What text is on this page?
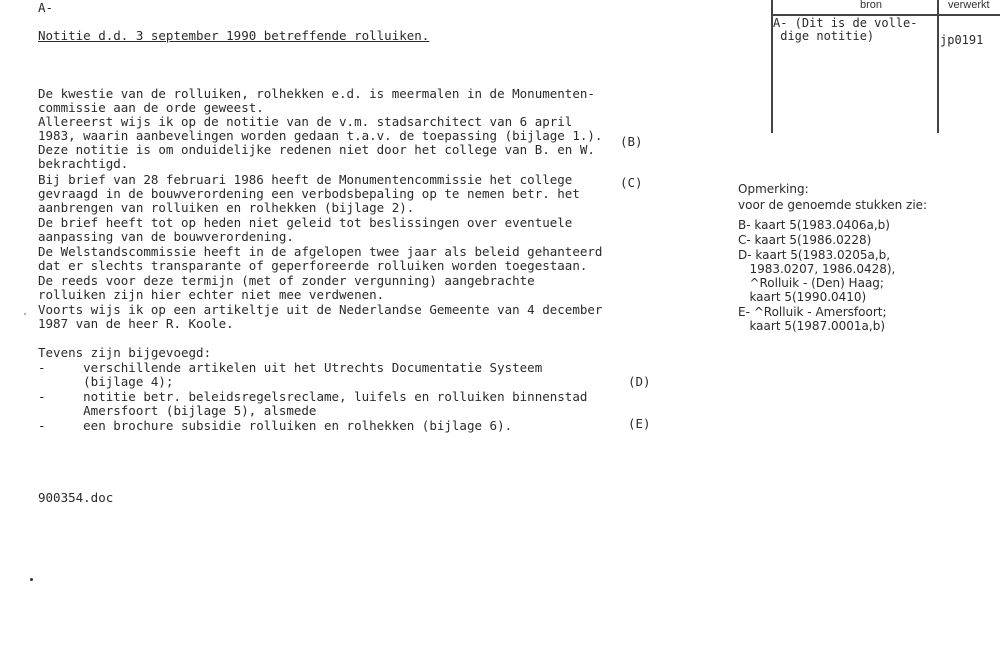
A-
Notitie d.d. 3 september 1990 betreffende rolluiken.
bron	verwerkt
A- (Dit is de volle-
dige notitie)	jp0191
De kwestie van de rolluiken, rolhekken e.d. is meermalen in de Monumenten-
commissie aan de orde geweest.
Allereerst wijs ik op de notitie van de v.m. stadsarchitect van 6 april
1983, waarin aanbevelingen worden gedaan t.a.v. de toepassing (bijlage 1.).
Deze notitie is om onduidelijke redenen niet door het college van B. en W.
bekrachtigd.
Bij brief van 28 februari 1986 heeft de Monumentencommissie het college
gevraagd in de bouwverordening een verbodsbepaling op te nemen betr. het
aanbrengen van rolluiken en rolhekken (bijlage 2).
De brief heeft tot op heden niet geleid tot beslissingen over eventuele
aanpassing van de bouwverordening.
De Welstandscommissie heeft in de afgelopen twee jaar als beleid gehanteerd
dat er slechts transparante of geperforeerde rolluiken worden toegestaan.
De reeds voor deze termijn (met of zonder vergunning) aangebrachte
rolluiken zijn hier echter niet mee verdwenen.
Voorts wijs ik op een artikeltje uit de Nederlandse Gemeente van 4 december
1987 van de heer R. Koole.
Tevens zijn bijgevoegd:
-     verschillende artikelen uit het Utrechts Documentatie Systeem
(bijlage 4);
-     notitie betr. beleidsregelsreclame, luifels en rolluiken binnenstad
Amersfoort (bijlage 5), alsmede
-     een brochure subsidie rolluiken en rolhekken (bijlage 6).
(B)
(C)
(D)
(E)
900354.doc
Opmerking:
voor de genoemde stukken zie:
B- kaart 5(1983.0406a,b)
C- kaart 5(1986.0228)
D- kaart 5(1983.0205a,b,
1983.0207, 1986.0428),
^Rolluik - (Den) Haag;
kaart 5(1990.0410)
E- ^Rolluik - Amersfoort;
kaart 5(1987.0001a,b)
